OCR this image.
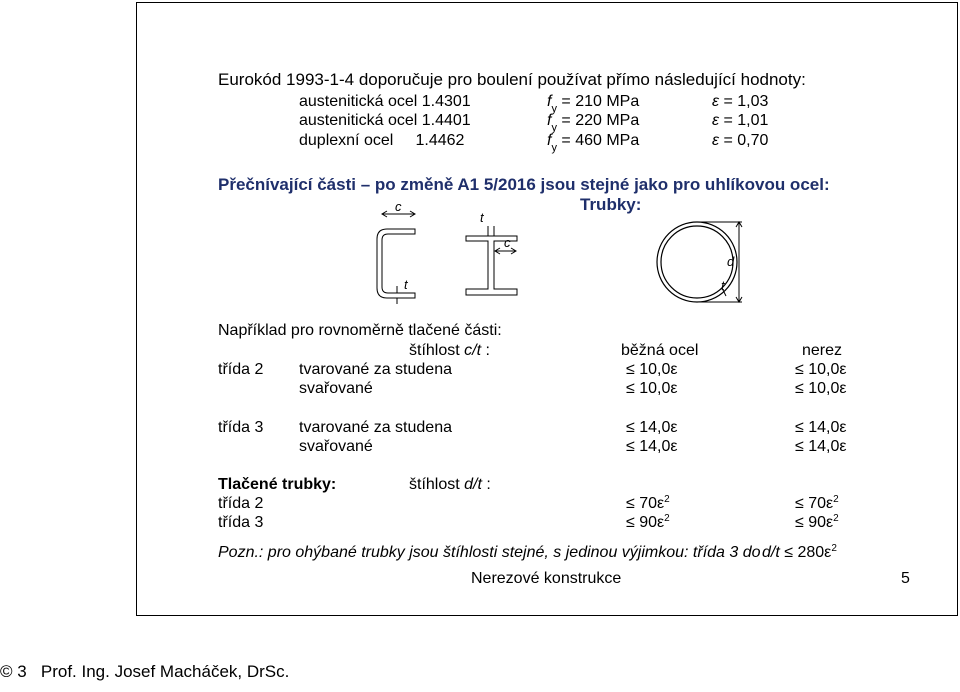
Eurokód 1993-1-4 doporučuje pro boulení používat přímo následující hodnoty:
austenitická ocel 1.4301	$f_y = 210$ MPa	ε = 1,03
austenitická ocel 1.4401	$f_y = 220$ MPa	ε = 1,01
duplexní ocel     1.4462	$f_y = 460$ MPa	ε = 0,70
Přečnívající části – po změně A1 5/2016 jsou stejné jako pro uhlíkovou ocel:
Trubky:
c
t
t
c
d
t
Například pro rovnoměrně tlačené části:
štíhlost c/t :	běžná ocel	nerez
třída 2 tvarované za studena	≤ 10,0ε	≤ 10,0ε
svařované	≤ 10,0ε	≤ 10,0ε
třída 3 tvarované za studena	≤ 14,0ε	≤ 14,0ε
svařované	≤ 14,0ε	≤ 14,0ε
Tlačené trubky:	štíhlost d/t :
třída 2	≤ $70\varepsilon^2$	≤ $70\varepsilon^2$
třída 3	≤ $90\varepsilon^2$	≤ $90\varepsilon^2$
Pozn.: pro ohýbané trubky jsou štíhlosti stejné, s jedinou výjimkou: třída 3 do $d/t \le 280\varepsilon^2$
Nerezové konstrukce	5
© 3   Prof. Ing. Josef Macháček, DrSc.
